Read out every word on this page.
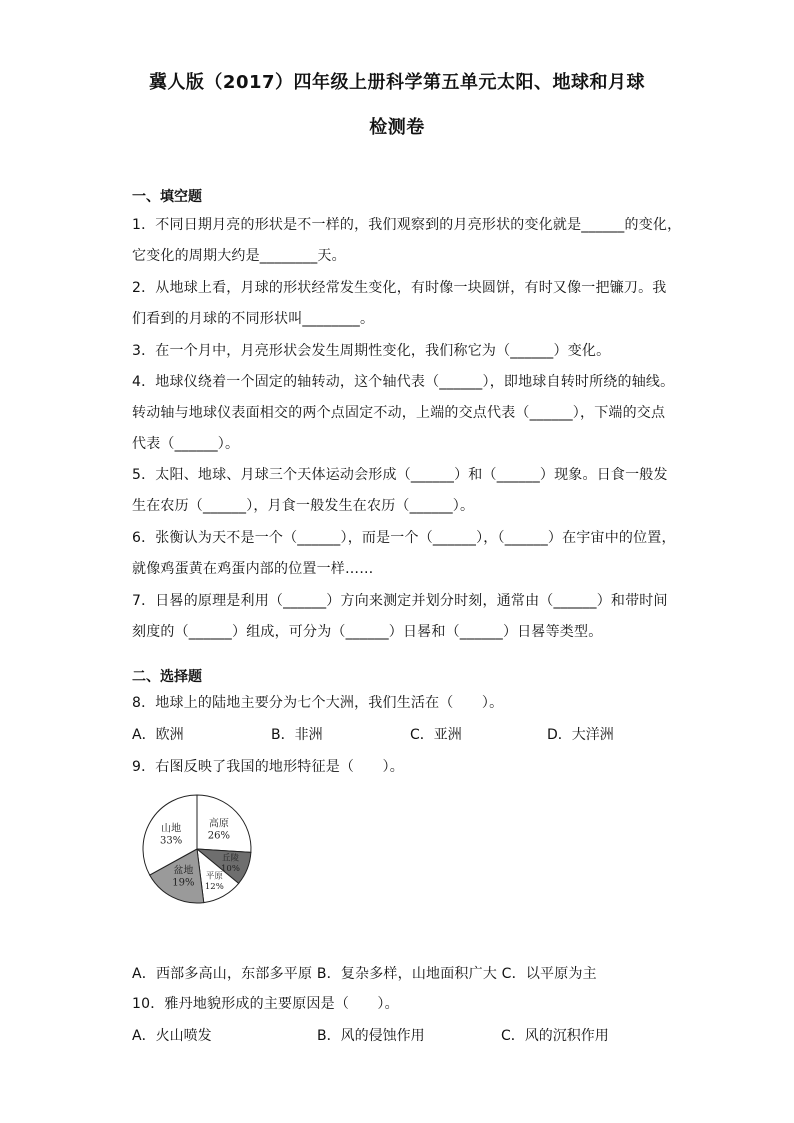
冀人版（2017）四年级上册科学第五单元太阳、地球和月球
检测卷
一、填空题
1．不同日期月亮的形状是不一样的，我们观察到的月亮形状的变化就是______的变化，
它变化的周期大约是________天。
2．从地球上看，月球的形状经常发生变化，有时像一块圆饼，有时又像一把镰刀。我
们看到的月球的不同形状叫________。
3．在一个月中，月亮形状会发生周期性变化，我们称它为（______）变化。
4．地球仪绕着一个固定的轴转动，这个轴代表（______），即地球自转时所绕的轴线。
转动轴与地球仪表面相交的两个点固定不动，上端的交点代表（______），下端的交点
代表（______）。
5．太阳、地球、月球三个天体运动会形成（______）和（______）现象。日食一般发
生在农历（______），月食一般发生在农历（______）。
6．张衡认为天不是一个（______），而是一个（______），（______）在宇宙中的位置，
就像鸡蛋黄在鸡蛋内部的位置一样……
7．日晷的原理是利用（______）方向来测定并划分时刻，通常由（______）和带时间
刻度的（______）组成，可分为（______）日晷和（______）日晷等类型。
二、选择题
8．地球上的陆地主要分为七个大洲，我们生活在（　　）。
A．欧洲	B．非洲	C．亚洲	D．大洋洲
9．右图反映了我国的地形特征是（　　）。
高原
26%
丘陵
10%
平原
12%
盆地
19%
山地
33%
A．西部多高山，东部多平原 B．复杂多样，山地面积广大 C．以平原为主
10．雅丹地貌形成的主要原因是（　　）。
A．火山喷发	B．风的侵蚀作用	C．风的沉积作用
